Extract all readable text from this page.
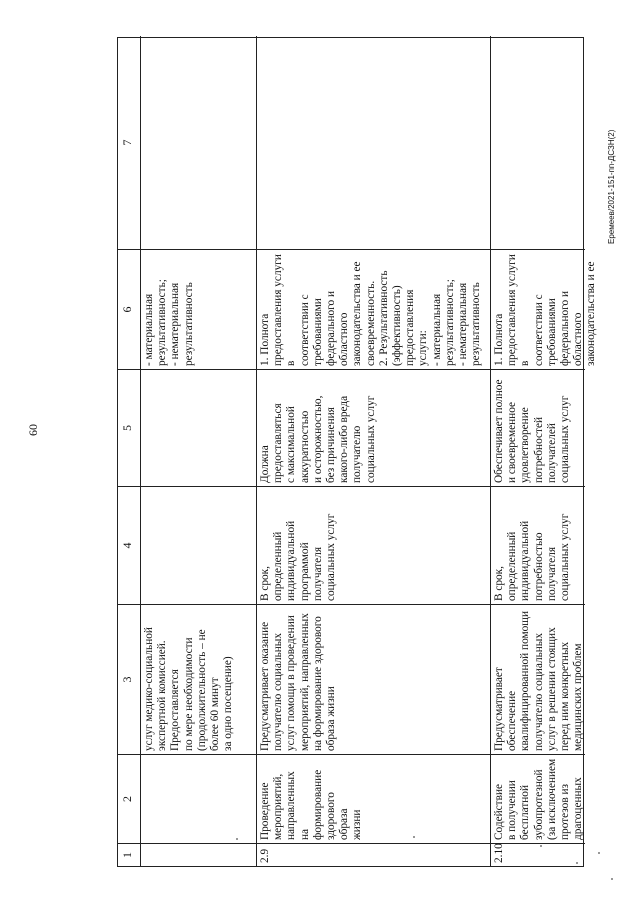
60
Еремеев/2021-151-пп-ДСЗН(2)
1
2
3
4
5
6
7
услуг медико-социальной
экспертной комиссией.
Предоставляется
по мере необходимости
(продолжительность – не
более 60 минут
за одно посещение)
- материальная
результативность;
- нематериальная
результативность
2.9
Проведение
мероприятий,
направленных
на формирование
здорового образа
жизни
Предусматривает оказание
получателю социальных
услуг помощи в проведении
мероприятий, направленных
на формирование здорового
образа жизни
В срок,
определенный
индивидуальной
программой
получателя
социальных услуг
Должна
предоставляться
с максимальной
аккуратностью
и осторожностью,
без причинения
какого-либо вреда
получателю
социальных услуг
1. Полнота
предоставления услуги в
соответствии с
требованиями
федерального и
областного
законодательства и ее
своевременность.
2. Результативность
(эффективность)
предоставления услуги:
- материальная
результативность;
- нематериальная
результативность
2.10
Содействие
в получении
бесплатной
зубопротезной
(за исключением
протезов из
драгоценных
Предусматривает
обеспечение
квалифицированной помощи
получателю социальных
услуг в решении стоящих
перед ним конкретных
медицинских проблем
В срок,
определенный
индивидуальной
потребностью
получателя
социальных услуг
Обеспечивает полное
и своевременное
удовлетворение
потребностей
получателей
социальных услуг
1. Полнота
предоставления услуги в
соответствии с
требованиями
федерального и
областного
законодательства и ее
